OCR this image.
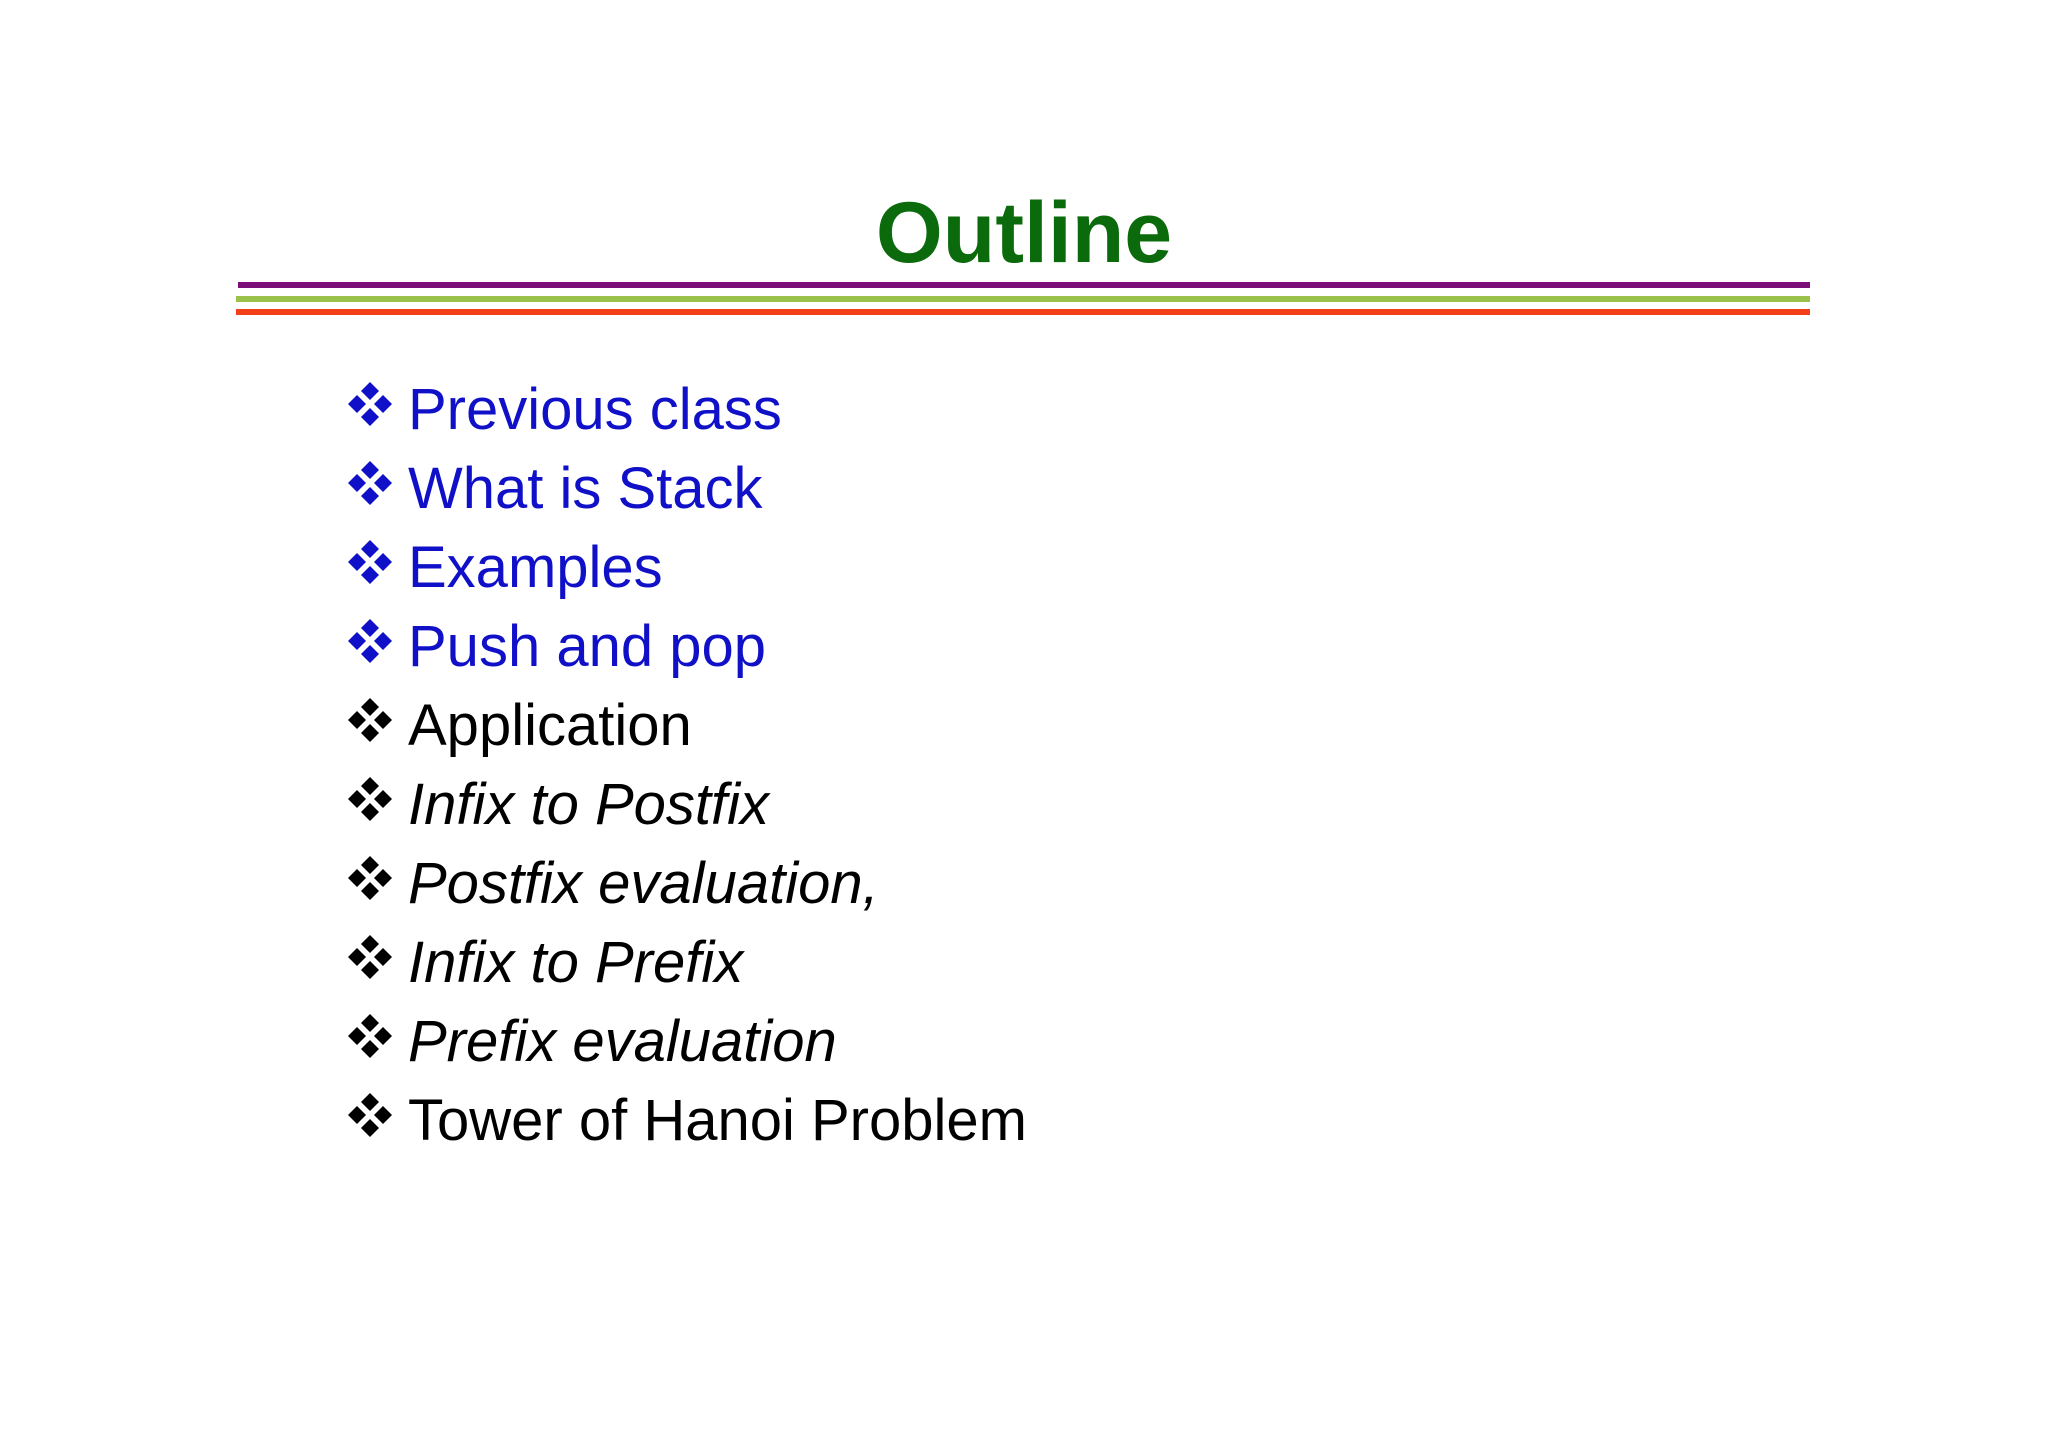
Outline
Previous class
What is Stack
Examples
Push and pop
Application
Infix to Postfix
Postfix evaluation,
Infix to Prefix
Prefix evaluation
Tower of Hanoi Problem
